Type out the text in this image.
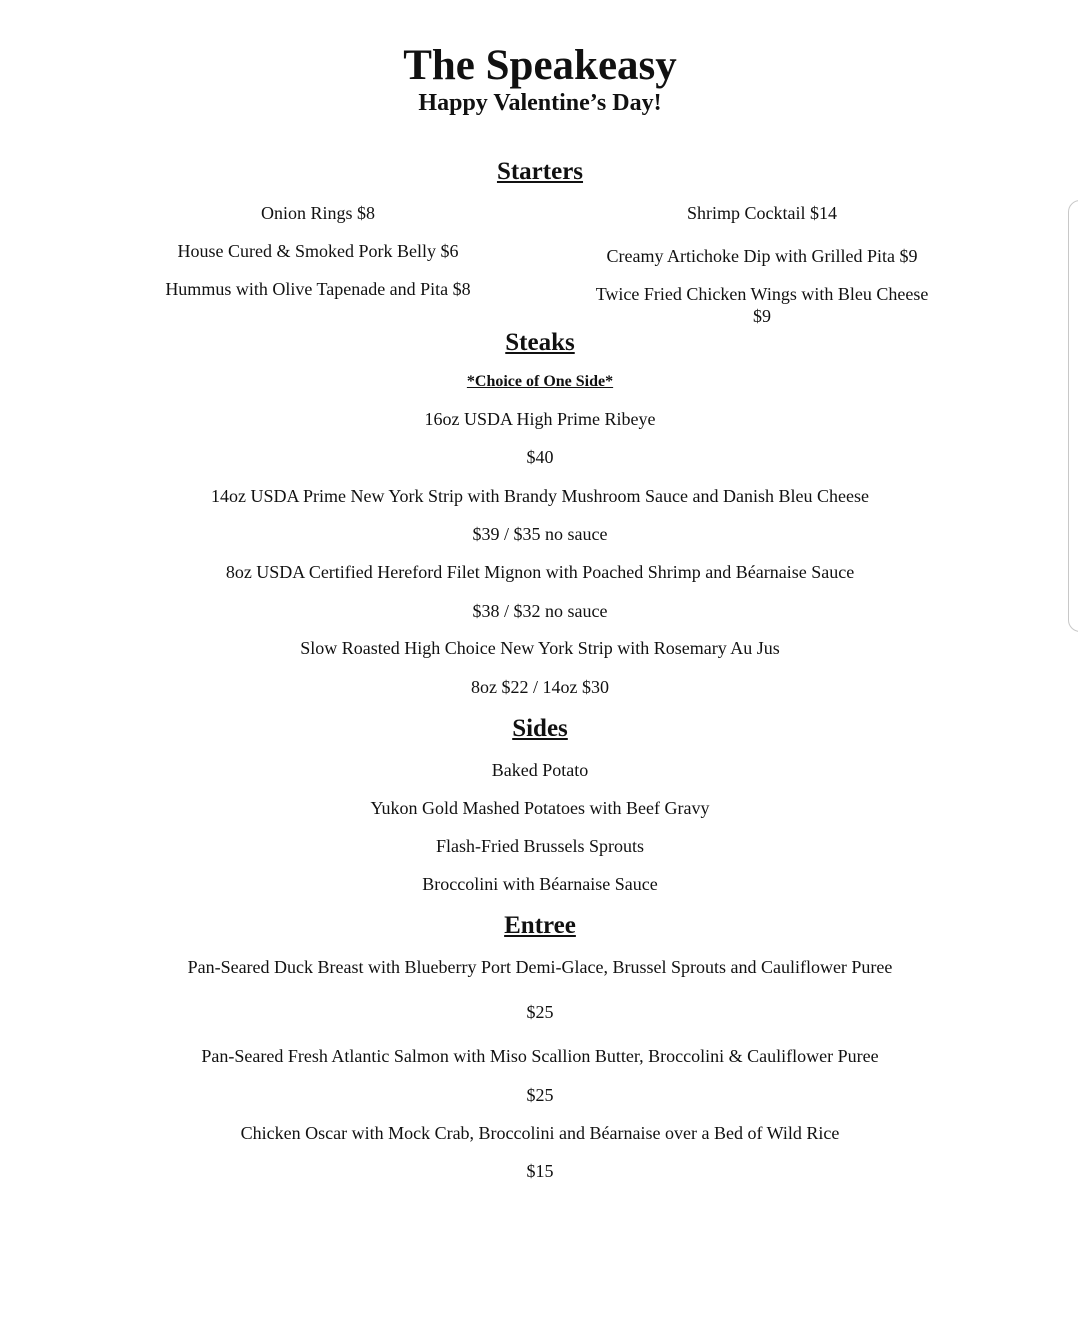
The Speakeasy
Happy Valentine’s Day!
Starters
Onion Rings $8
House Cured & Smoked Pork Belly $6
Hummus with Olive Tapenade and Pita $8
Shrimp Cocktail $14
Creamy Artichoke Dip with Grilled Pita $9
Twice Fried Chicken Wings with Bleu Cheese
$9
Steaks
*Choice of One Side*
16oz USDA High Prime Ribeye
$40
14oz USDA Prime New York Strip with Brandy Mushroom Sauce and Danish Bleu Cheese
$39 / $35 no sauce
8oz USDA Certified Hereford Filet Mignon with Poached Shrimp and Béarnaise Sauce
$38 / $32 no sauce
Slow Roasted High Choice New York Strip with Rosemary Au Jus
8oz $22 / 14oz $30
Sides
Baked Potato
Yukon Gold Mashed Potatoes with Beef Gravy
Flash-Fried Brussels Sprouts
Broccolini with Béarnaise Sauce
Entree
Pan-Seared Duck Breast with Blueberry Port Demi-Glace, Brussel Sprouts and Cauliflower Puree
$25
Pan-Seared Fresh Atlantic Salmon with Miso Scallion Butter, Broccolini & Cauliflower Puree
$25
Chicken Oscar with Mock Crab, Broccolini and Béarnaise over a Bed of Wild Rice
$15
